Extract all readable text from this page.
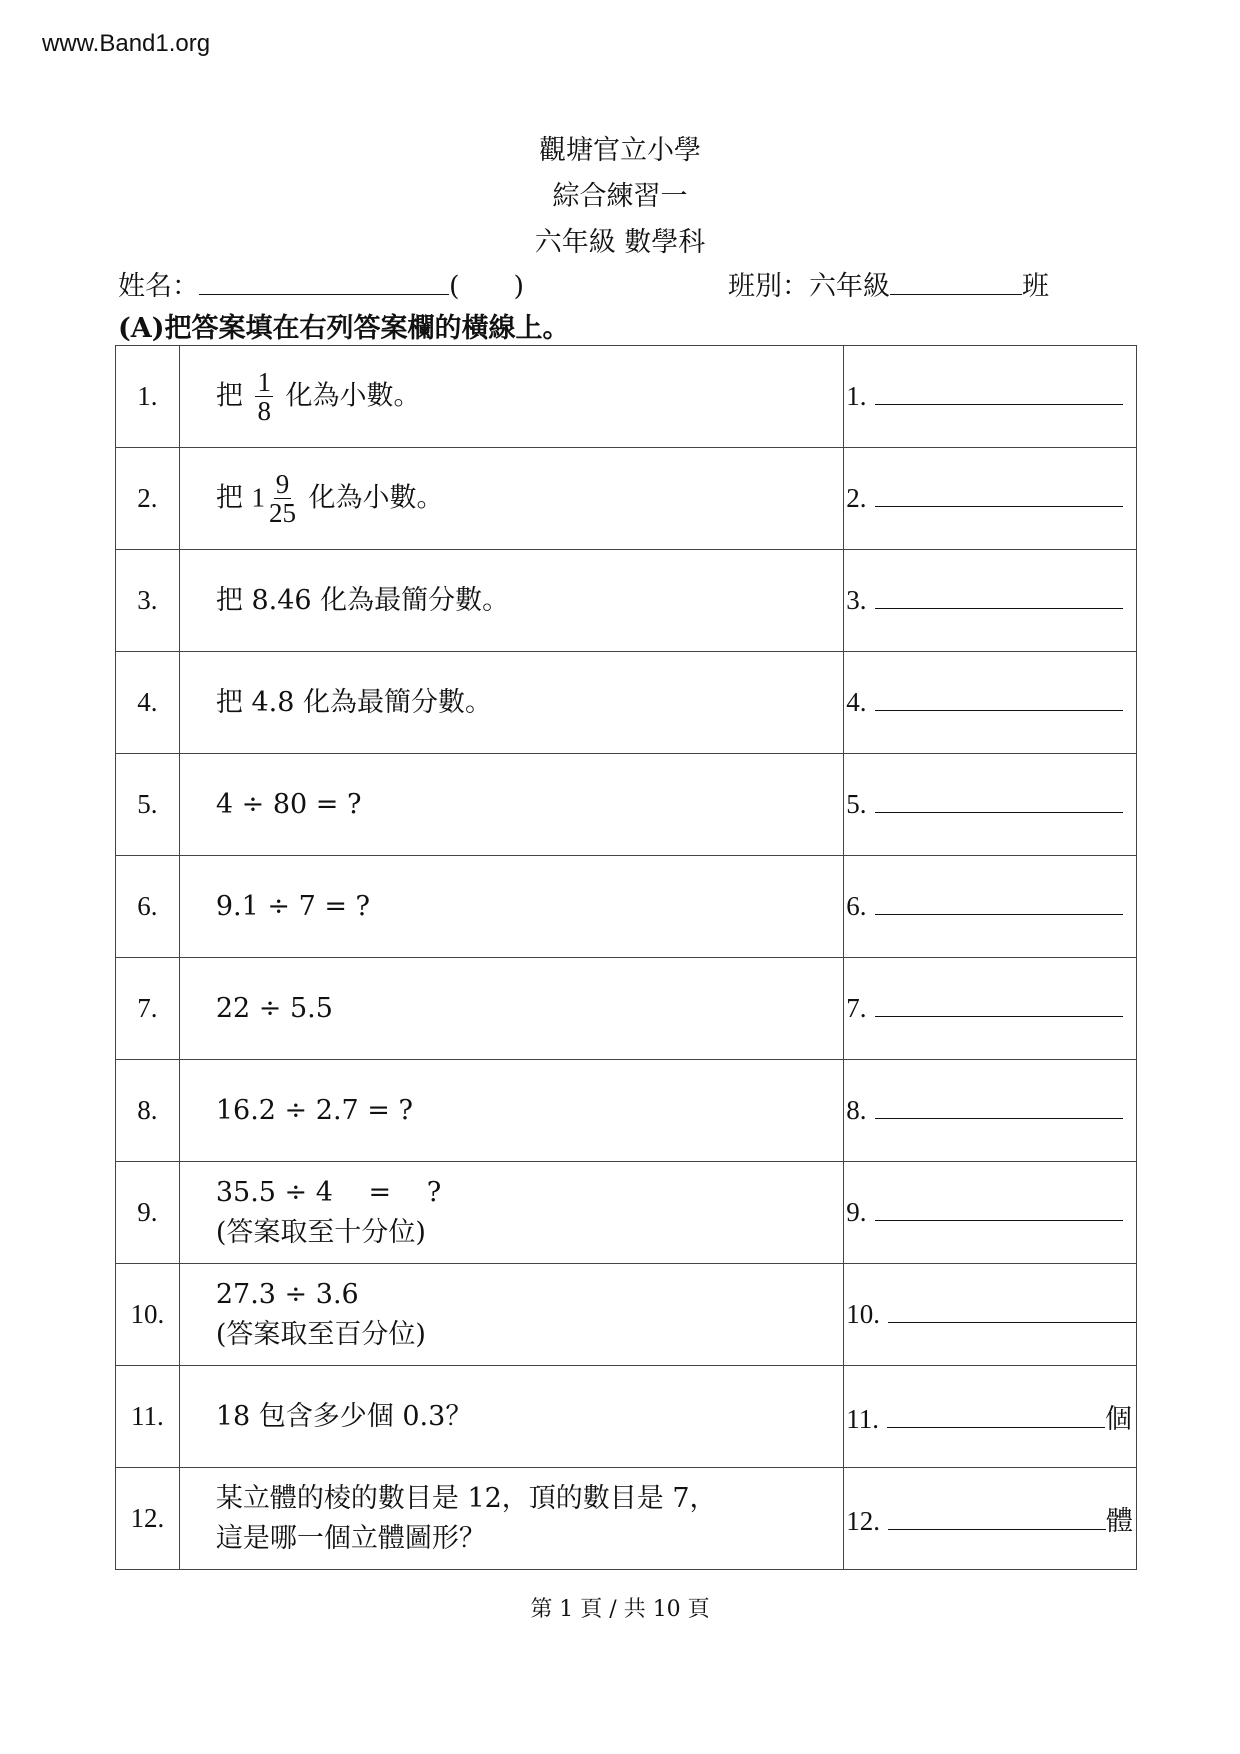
www.Band1.org
觀塘官立小學
綜合練習一
六年級 數學科
姓名：	(　　)	班別：六年級	班
(A)把答案填在右列答案欄的橫線上。
1.	把 $\frac{1}{8}$ 化為小數。	1.
2.	把 $1 \frac{9}{25}$ 化為小數。	2.
3.	把 8.46 化為最簡分數。	3.
4.	把 4.8 化為最簡分數。	4.
5.	4 ÷ 80 = ?	5.
6.	9.1 ÷ 7 = ?	6.
7.	22 ÷ 5.5	7.
8.	16.2 ÷ 2.7 = ?	8.
9.	35.5 ÷ 4 　= 　?
(答案取至十分位)	9.
10.	27.3 ÷ 3.6
(答案取至百分位)	10.
11.	18 包含多少個 0.3？	11. 個
12.	某立體的棱的數目是 12，頂的數目是 7，
這是哪一個立體圖形？	12. 體
第 1 頁 / 共 10 頁
